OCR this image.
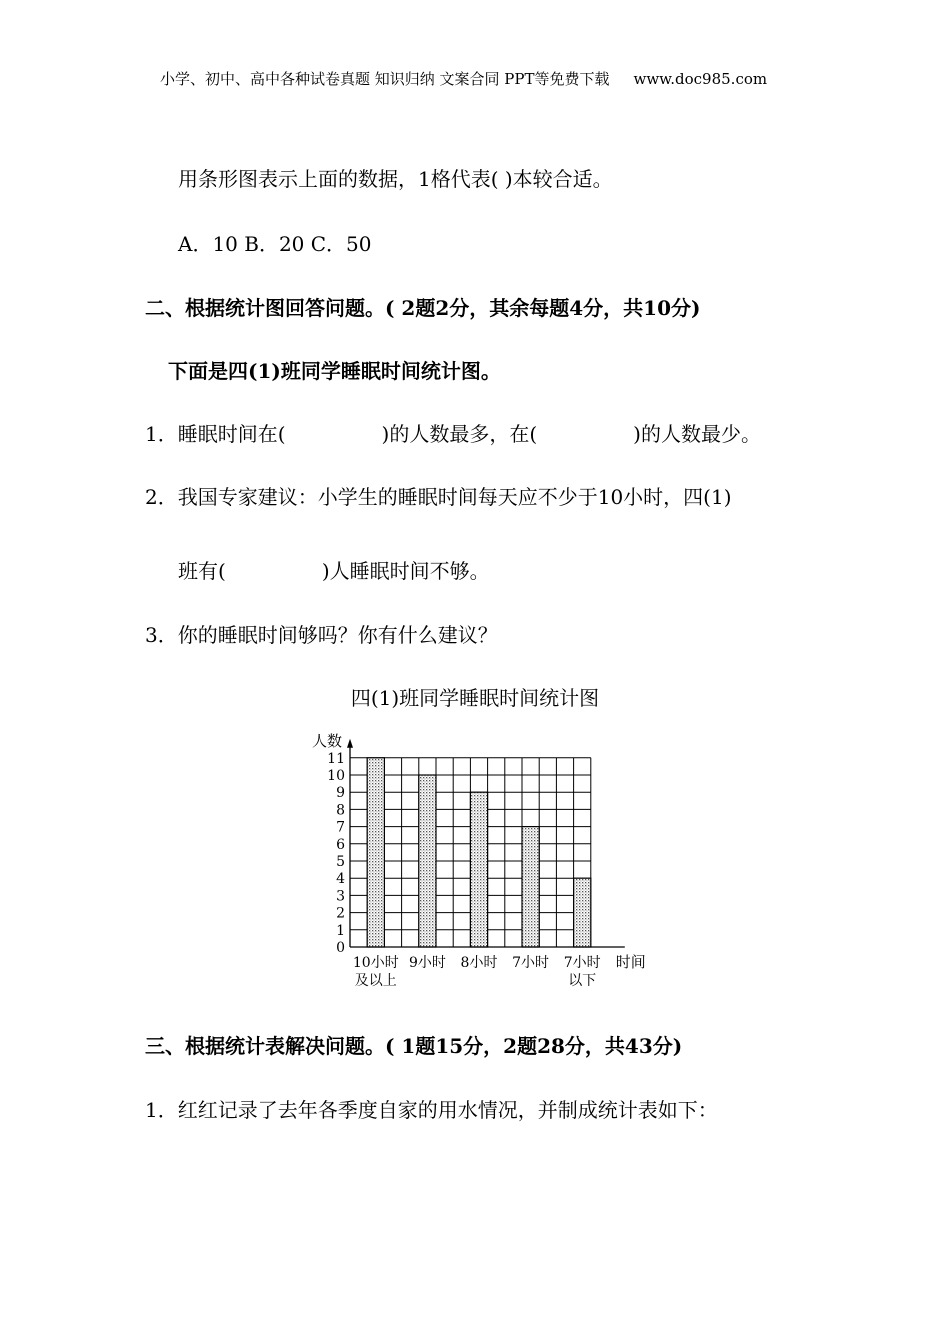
小学、初中、高中各种试卷真题 知识归纳 文案合同 PPT等免费下载 www.doc985.com
用条形图表示上面的数据，1格代表( )本较合适。
A．10 B．20 C．50
二、根据统计图回答问题。( 2题2分，其余每题4分，共10分)
下面是四(1)班同学睡眠时间统计图。
1．睡眠时间在(	)的人数最多，在(	)的人数最少。
2．我国专家建议：小学生的睡眠时间每天应不少于10小时，四(1)
班有(	)人睡眠时间不够。
3．你的睡眠时间够吗？你有什么建议？
四(1)班同学睡眠时间统计图
人数
0
1
2
3
4
5
6
7
8
9
10
11
10小时
及以上
9小时 8小时 7小时 7小时
以下
时间
三、根据统计表解决问题。( 1题15分，2题28分，共43分)
1．红红记录了去年各季度自家的用水情况，并制成统计表如下：
